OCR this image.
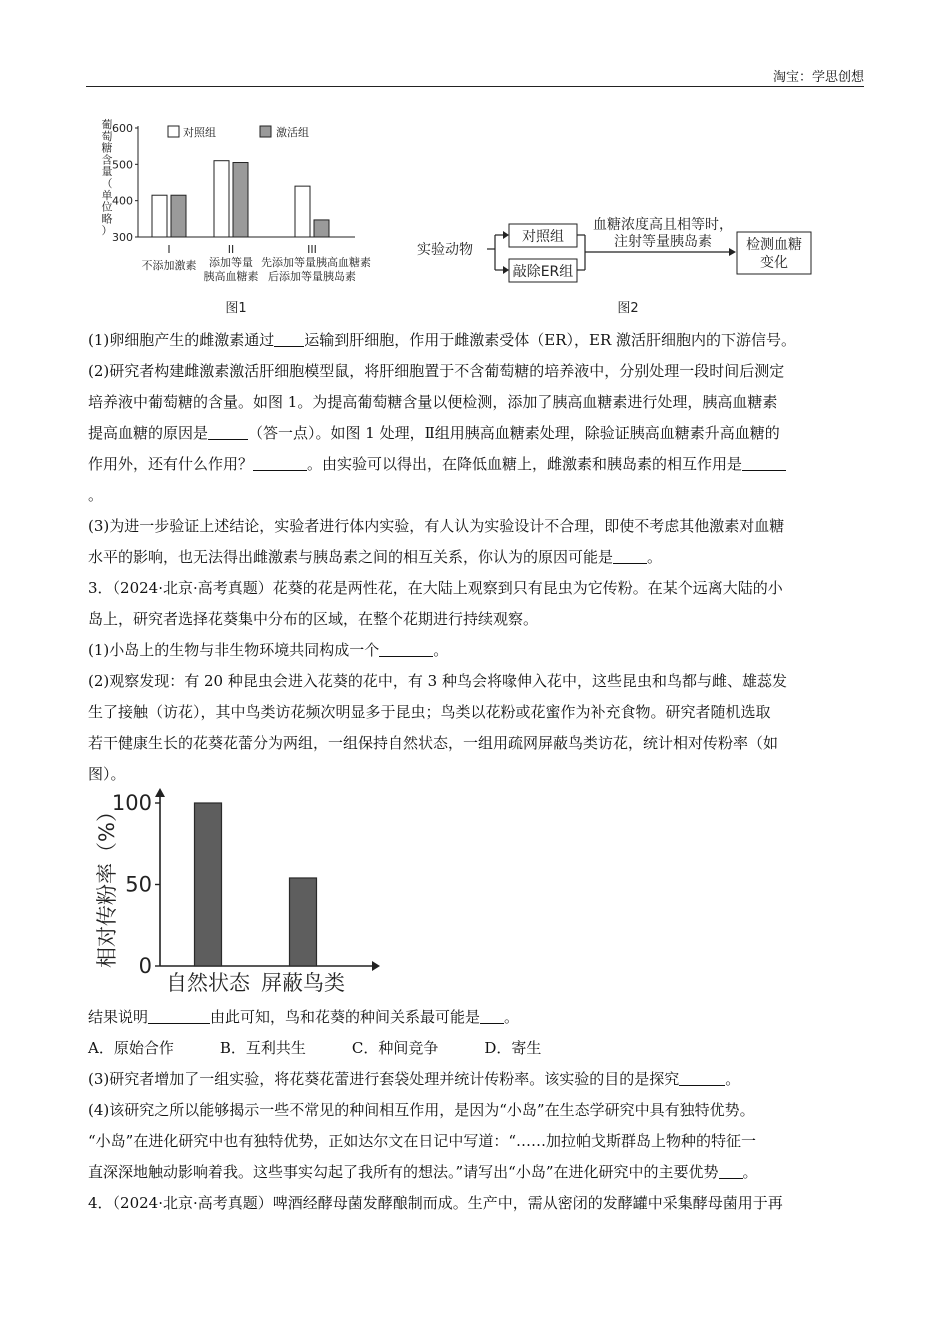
淘宝：学思创想
葡
萄
糖
含
量
（
单
位
略
）
300
400
500
600	对照组	激活组
I
不添加激素
II
添加等量
胰高血糖素
III
先添加等量胰高血糖素
后添加等量胰岛素
图1
实验动物
对照组
敲除ER组
血糖浓度高且相等时，
注射等量胰岛素 检测血糖
变化
图2
(1)卵细胞产生的雌激素通过 运输到肝细胞，作用于雌激素受体（ER），ER 激活肝细胞内的下游信号。
(2)研究者构建雌激素激活肝细胞模型鼠，将肝细胞置于不含葡萄糖的培养液中，分别处理一段时间后测定
培养液中葡萄糖的含量。如图 1。为提高葡萄糖含量以便检测，添加了胰高血糖素进行处理，胰高血糖素
提高血糖的原因是	（答一点）。如图 1 处理，Ⅱ组用胰高血糖素处理，除验证胰高血糖素升高血糖的
作用外，还有什么作用？	。由实验可以得出，在降低血糖上，雌激素和胰岛素的相互作用是
。
(3)为进一步验证上述结论，实验者进行体内实验，有人认为实验设计不合理，即使不考虑其他激素对血糖
水平的影响，也无法得出雌激素与胰岛素之间的相互关系，你认为的原因可能是 。
3．（2024·北京·高考真题）花葵的花是两性花，在大陆上观察到只有昆虫为它传粉。在某个远离大陆的小
岛上，研究者选择花葵集中分布的区域，在整个花期进行持续观察。
(1)小岛上的生物与非生物环境共同构成一个	。
(2)观察发现：有 20 种昆虫会进入花葵的花中，有 3 种鸟会将喙伸入花中，这些昆虫和鸟都与雌、雄蕊发
生了接触（访花），其中鸟类访花频次明显多于昆虫；鸟类以花粉或花蜜作为补充食物。研究者随机选取
若干健康生长的花葵花蕾分为两组，一组保持自然状态，一组用疏网屏蔽鸟类访花，统计相对传粉率（如
图）。
0
50
100
相对传粉率（%）
自然状态 屏蔽鸟类
结果说明	由此可知，鸟和花葵的种间关系最可能是 。
A．原始合作	B．互利共生	C．种间竞争	D．寄生
(3)研究者增加了一组实验，将花葵花蕾进行套袋处理并统计传粉率。该实验的目的是探究	。
(4)该研究之所以能够揭示一些不常见的种间相互作用，是因为“小岛”在生态学研究中具有独特优势。
“小岛”在进化研究中也有独特优势，正如达尔文在日记中写道：“……加拉帕戈斯群岛上物种的特征一
直深深地触动影响着我。这些事实勾起了我所有的想法。”请写出“小岛”在进化研究中的主要优势 。
4．（2024·北京·高考真题）啤酒经酵母菌发酵酿制而成。生产中，需从密闭的发酵罐中采集酵母菌用于再
